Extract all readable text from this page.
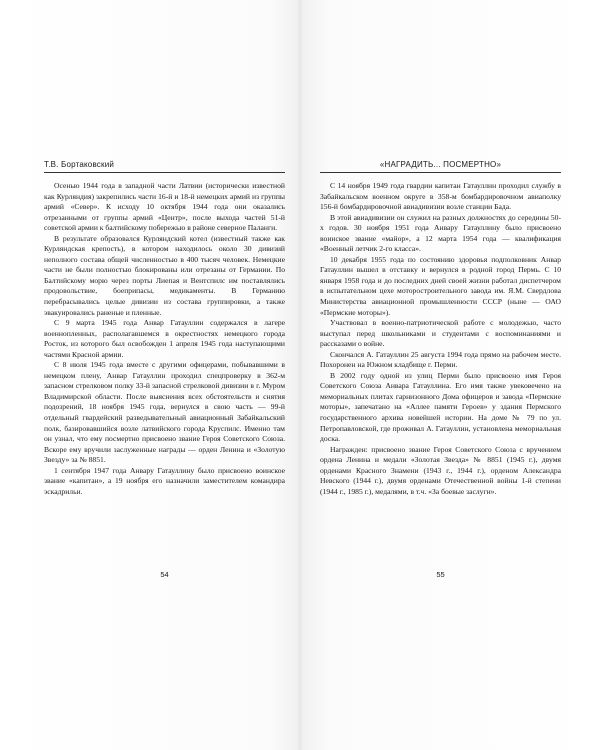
Т.В. Бортаковский

Осенью 1944 года в западной части Латвии (исторически известной как Курляндия) закрепились части 16-й и 18-й немецких армий из группы армий «Север». К исходу 10 октября 1944 года они оказались отрезанными от группы армий «Центр», после выхода частей 51-й советской армии к балтийскому побережью в районе северное Паланги.

В результате образовался Курляндский котел (известный также как Курляндская крепость), в котором находилось около 30 дивизий неполного состава общей численностью в 400 тысяч человек. Немецкие части не были полностью блокированы или отрезаны от Германии. По Балтийскому морю через порты Лиепая и Вентспилс им поставлялись продовольствие, боеприпасы, медикаменты. В Германию перебрасывались целые дивизии из состава группировки, а также эвакуировались раненые и пленные.

С 9 марта 1945 года Анвар Гатауллин содержался в лагере военнопленных, располагавшемся в окрестностях немецкого города Росток, из которого был освобожден 1 апреля 1945 года наступающими частями Красной армии.

С 8 июля 1945 года вместе с другими офицерами, побывавшими в немецком плену, Анвар Гатауллин проходил спецпроверку в 362-м запасном стрелковом полку 33-й запасной стрелковой дивизии в г. Муром Владимирской области. После выяснения всех обстоятельств и снятия подозрений, 18 ноября 1945 года, вернулся в свою часть — 99-й отдельный гвардейский разведывательный авиационный Забайкальский полк, базировавшийся возле латвийского города Круспилс. Именно там он узнал, что ему посмертно присвоено звание Героя Советского Союза. Вскоре ему вручили заслуженные награды — орден Ленина и «Золотую Звезду» за № 8851.

1 сентября 1947 года Анвару Гатауллину было присвоено воинское звание «капитан», а 19 ноября его назначили заместителем командира эскадрильи.

54
«НАГРАДИТЬ... ПОСМЕРТНО»

С 14 ноября 1949 года гвардии капитан Гатауллин проходил службу в Забайкальском военном округе в 358-м бомбардировочном авиаполку 156-й бомбардировочной авиадивизии возле станции Бада.

В этой авиадивизии он служил на разных должностях до середины 50-х годов. 30 ноября 1951 года Анвару Гатауллину было присвоено воинское звание «майор», а 12 марта 1954 года — квалификация «Военный летчик 2-го класса».

10 декабря 1955 года по состоянию здоровья подполковник Анвар Гатауллин вышел в отставку и вернулся в родной город Пермь. С 10 января 1958 года и до последних дней своей жизни работал диспетчером в испытательном цехе моторостроительного завода им. Я.М. Свердлова Министерства авиационной промышленности СССР (ныне — ОАО «Пермские моторы»).

Участвовал в военно-патриотической работе с молодежью, часто выступал перед школьниками и студентами с воспоминаниями и рассказами о войне.

Скончался А. Гатауллин 25 августа 1994 года прямо на рабочем месте. Похоронен на Южном кладбище г. Перми.

В 2002 году одной из улиц Перми было присвоено имя Героя Советского Союза Анвара Гатауллина. Его имя также увековечено на мемориальных плитах гарнизонного Дома офицеров и завода «Пермские моторы», запечатано на «Аллее памяти Героев» у здания Пермского государственного архива новейшей истории. На доме № 79 по ул. Петропавловской, где проживал А. Гатауллин, установлена мемориальная доска.

Награжден: присвоено звание Героя Советского Союза с вручением ордена Ленина и медали «Золотая Звезда» № 8851 (1945 г.), двумя орденами Красного Знамени (1943 г., 1944 г.), орденом Александра Невского (1944 г.), двумя орденами Отечественной войны 1-й степени (1944 г., 1985 г.), медалями, в т.ч. «За боевые заслуги».

55
